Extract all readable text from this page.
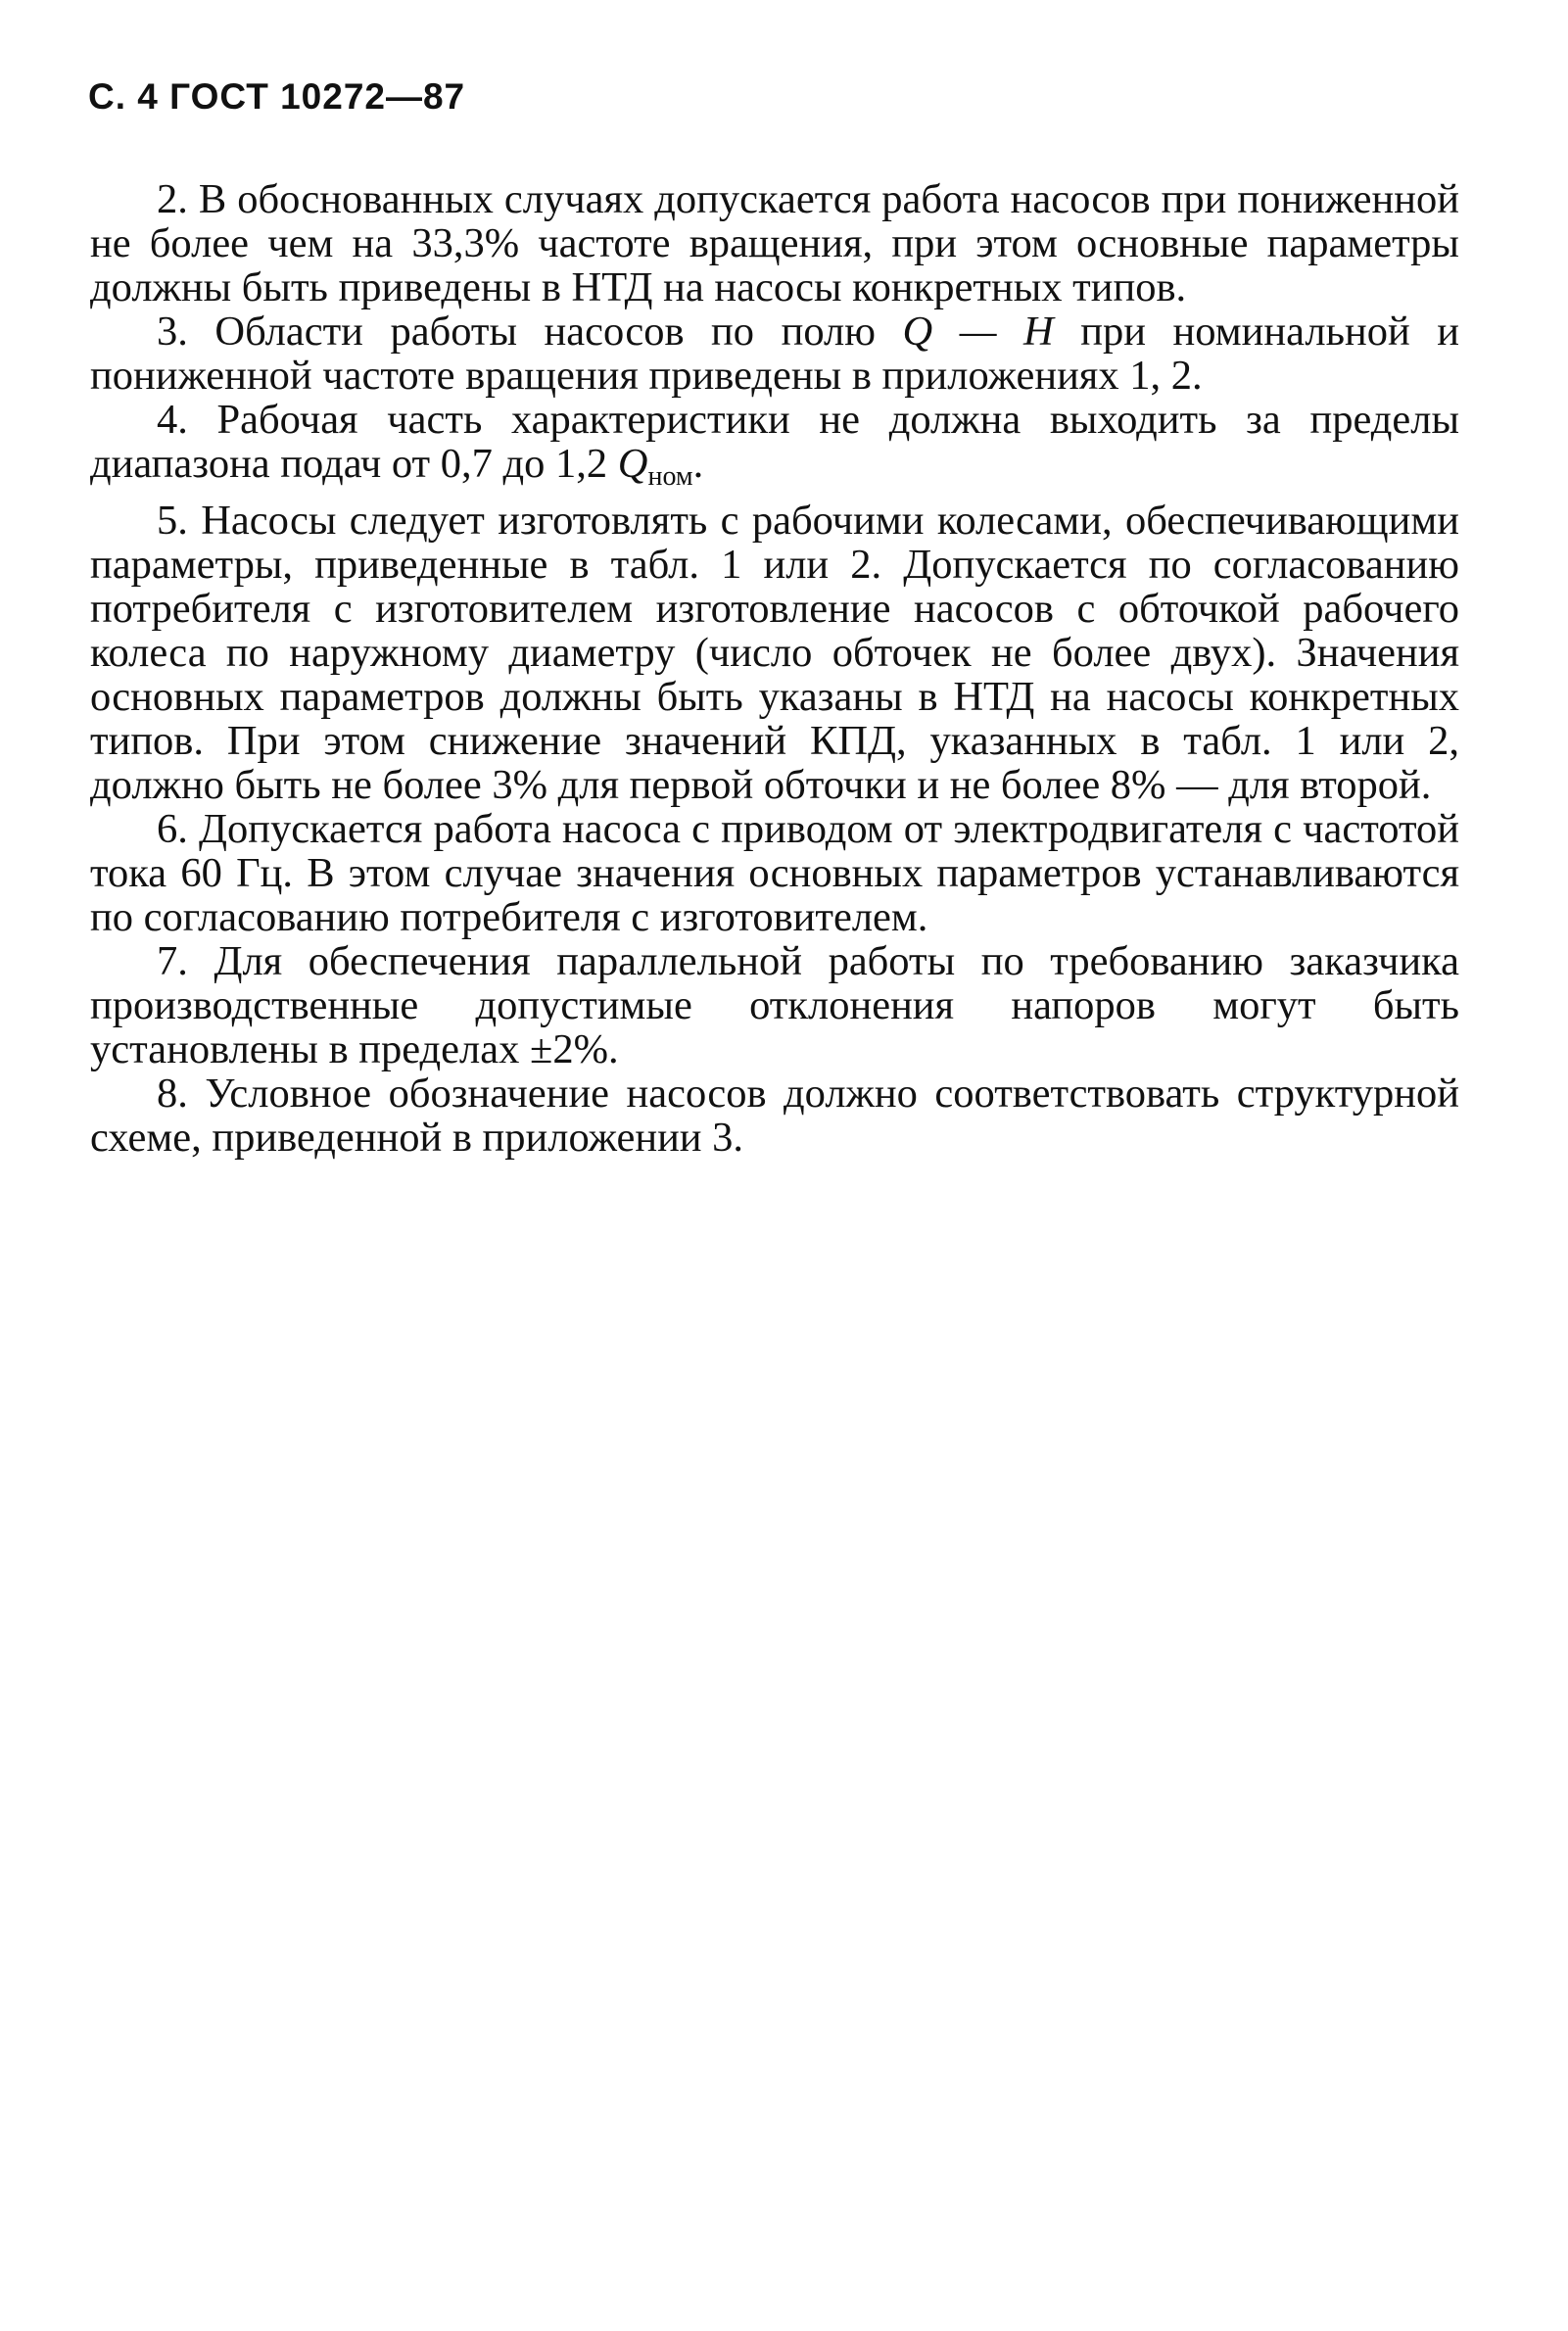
С. 4 ГОСТ 10272—87

2. В обоснованных случаях допускается работа насосов при пониженной не более чем на 33,3% частоте вращения, при этом основные параметры должны быть приведены в НТД на насосы конкретных типов.

3. Области работы насосов по полю Q — H при номинальной и пониженной частоте вращения приведены в приложениях 1, 2.

4. Рабочая часть характеристики не должна выходить за пределы диапазона подач от 0,7 до 1,2 $Q_{ном}$.

5. Насосы следует изготовлять с рабочими колесами, обеспечивающими параметры, приведенные в табл. 1 или 2. Допускается по согласованию потребителя с изготовителем изготовление насосов с обточкой рабочего колеса по наружному диаметру (число обточек не более двух). Значения основных параметров должны быть указаны в НТД на насосы конкретных типов. При этом снижение значений КПД, указанных в табл. 1 или 2, должно быть не более 3% для первой обточки и не более 8% — для второй.

6. Допускается работа насоса с приводом от электродвигателя с частотой тока 60 Гц. В этом случае значения основных параметров устанавливаются по согласованию потребителя с изготовителем.

7. Для обеспечения параллельной работы по требованию заказчика производственные допустимые отклонения напоров могут быть установлены в пределах ±2%.

8. Условное обозначение насосов должно соответствовать структурной схеме, приведенной в приложении 3.
